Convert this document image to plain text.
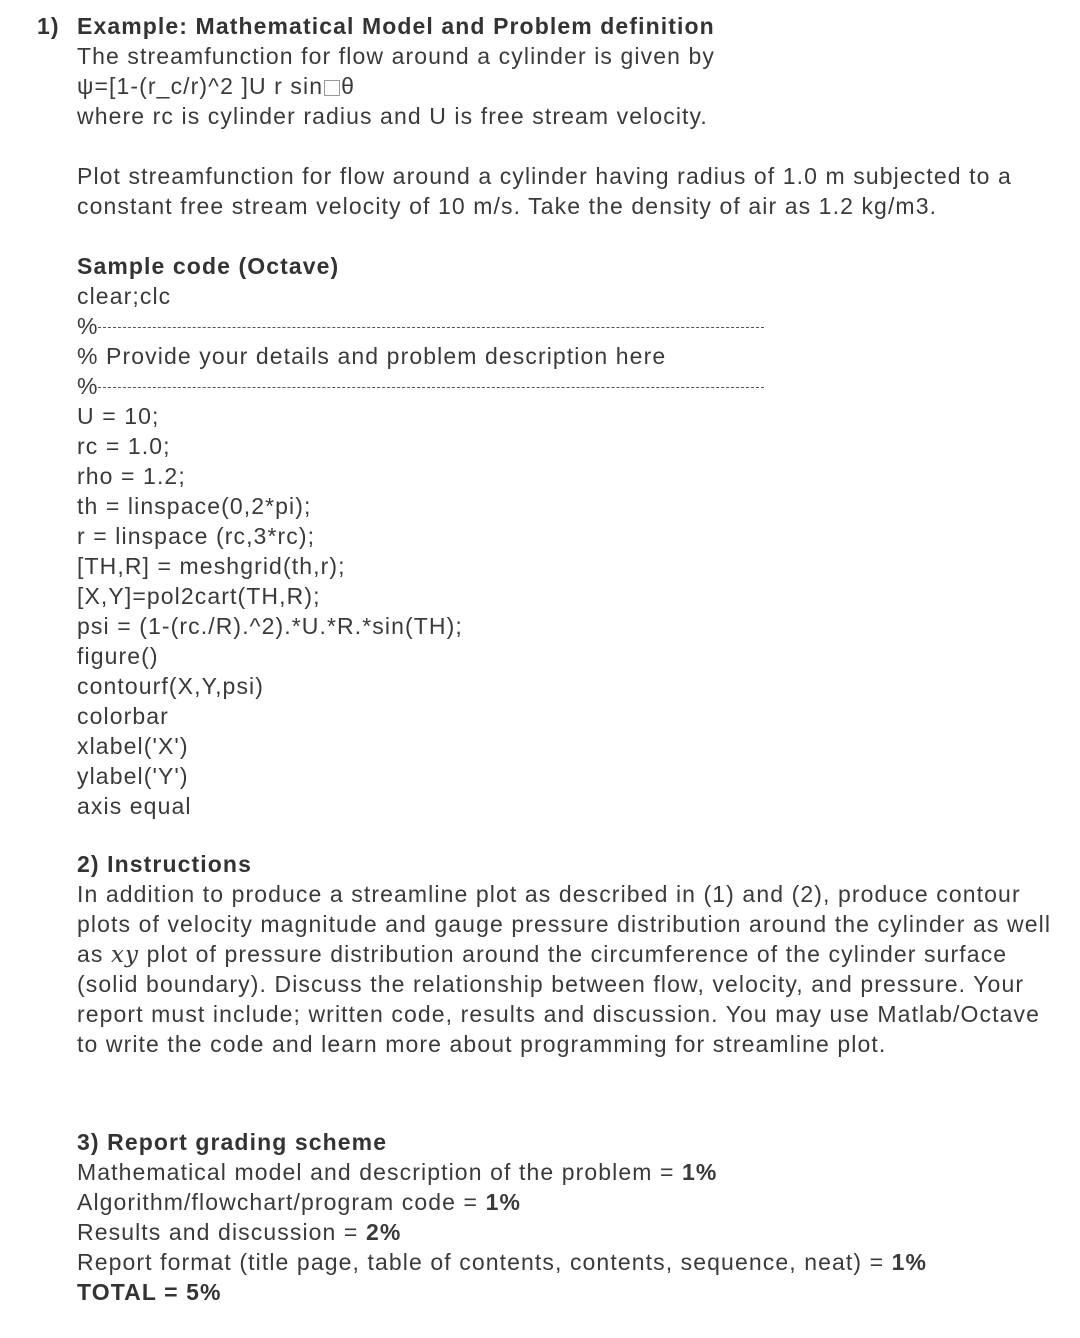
1) Example: Mathematical Model and Problem definition
The streamfunction for flow around a cylinder is given by
ψ=[1-(r_c/r)^2 ]U r sin θ
where rc is cylinder radius and U is free stream velocity.
Plot streamfunction for flow around a cylinder having radius of 1.0 m subjected to a
constant free stream velocity of 10 m/s. Take the density of air as 1.2 kg/m3.
Sample code (Octave)
clear;clc
%
% Provide your details and problem description here
%
U = 10;
rc = 1.0;
rho = 1.2;
th = linspace(0,2*pi);
r = linspace (rc,3*rc);
[TH,R] = meshgrid(th,r);
[X,Y]=pol2cart(TH,R);
psi = (1-(rc./R).^2).*U.*R.*sin(TH);
figure()
contourf(X,Y,psi)
colorbar
xlabel('X')
ylabel('Y')
axis equal
2) Instructions
In addition to produce a streamline plot as described in (1) and (2), produce contour
plots of velocity magnitude and gauge pressure distribution around the cylinder as well
as xy plot of pressure distribution around the circumference of the cylinder surface
(solid boundary). Discuss the relationship between flow, velocity, and pressure. Your
report must include; written code, results and discussion. You may use Matlab/Octave
to write the code and learn more about programming for streamline plot.
3) Report grading scheme
Mathematical model and description of the problem = 1%
Algorithm/flowchart/program code = 1%
Results and discussion = 2%
Report format (title page, table of contents, contents, sequence, neat) = 1%
TOTAL = 5%
